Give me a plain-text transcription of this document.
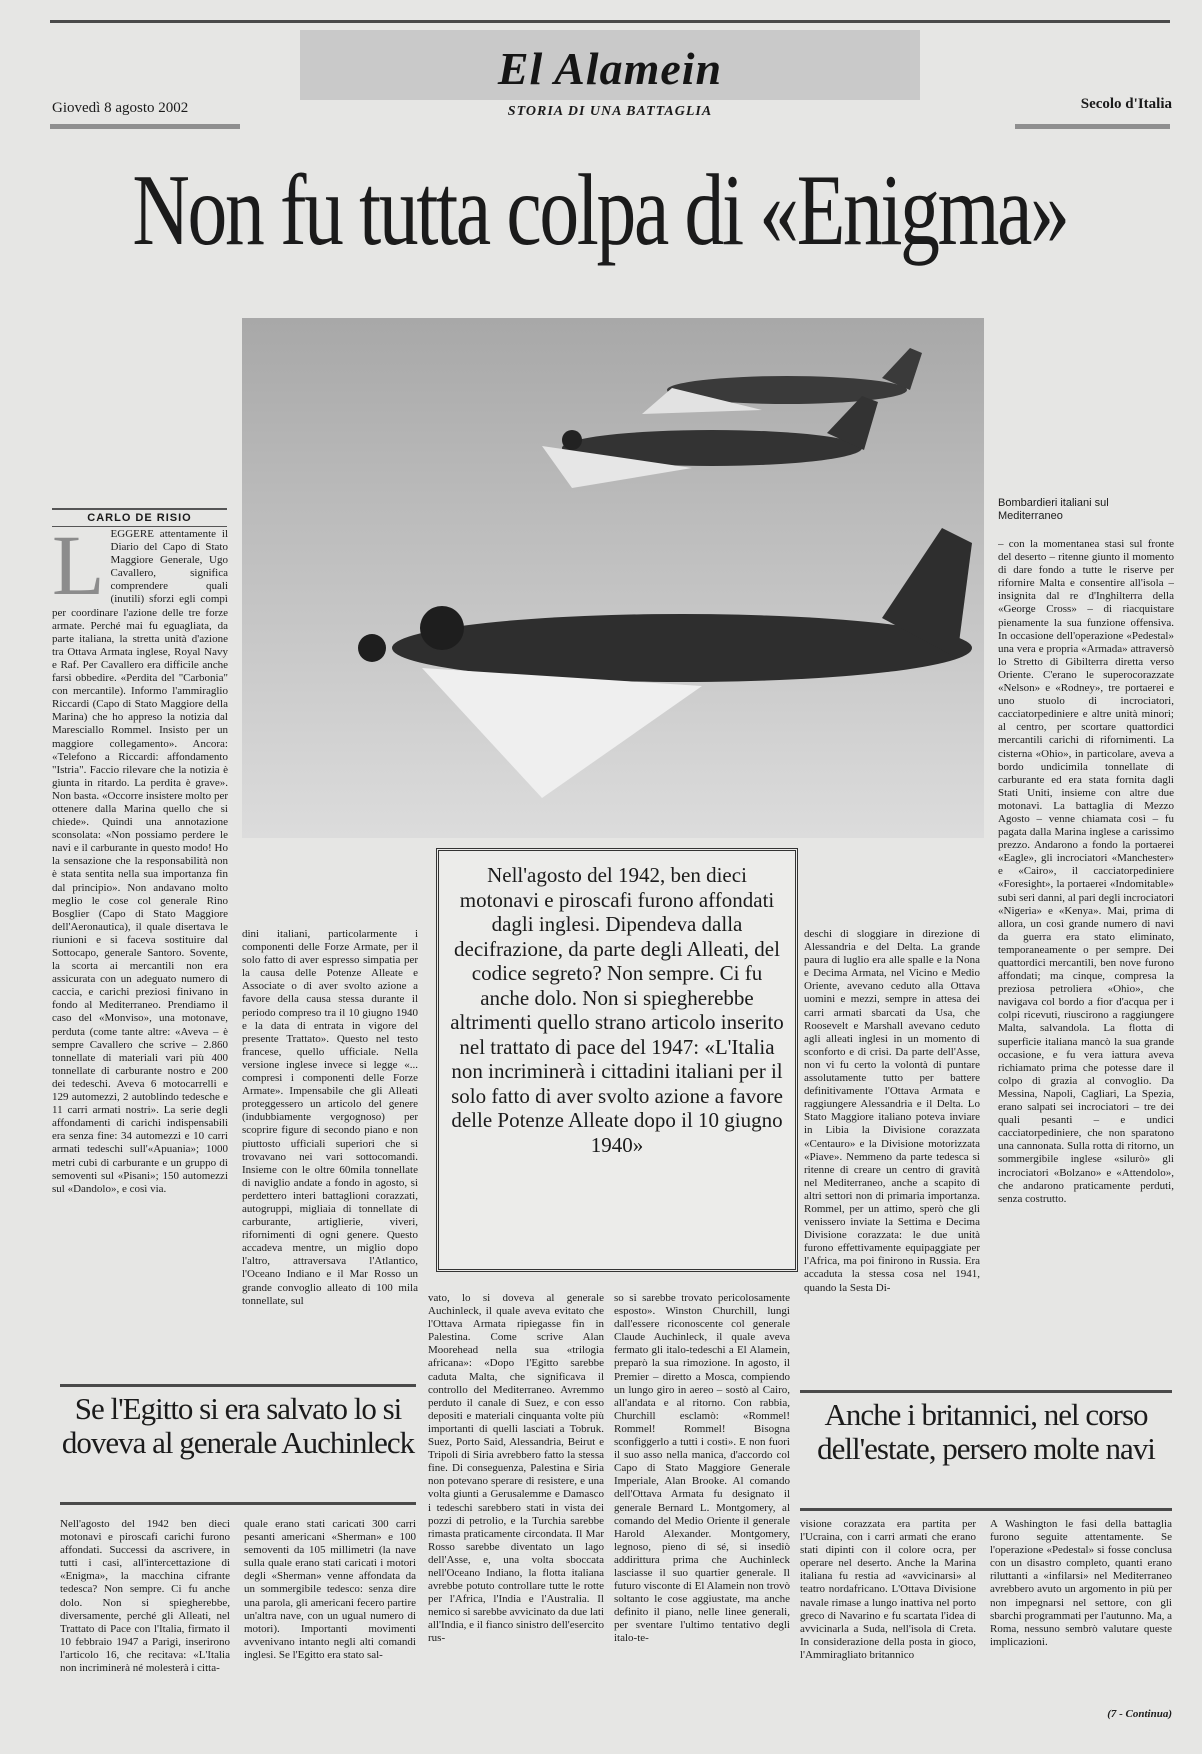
Giovedì 8 agosto 2002
El Alamein
STORIA DI UNA BATTAGLIA	Secolo d'Italia
Non fu tutta colpa di «Enigma»
CARLO DE RISIO
Bombardieri italiani sul Mediterraneo
L EGGERE attentamente il Diario del Capo di Stato Maggiore Generale, Ugo Cavallero, significa comprendere quali (inutili) sforzi egli compì per coordinare l'azione delle tre forze armate. Perché mai fu eguagliata, da parte italiana, la stretta unità d'azione tra Ottava Armata inglese, Royal Navy e Raf. Per Cavallero era difficile anche farsi obbedire. «Perdita del "Carbonia" con mercantile). Informo l'ammiraglio Riccardi (Capo di Stato Maggiore della Marina) che ho appreso la notizia dal Maresciallo Rommel. Insisto per un maggiore collegamento». Ancora: «Telefono a Riccardi: affondamento "Istria". Faccio rilevare che la notizia è giunta in ritardo. La perdita è grave». Non basta. «Occorre insistere molto per ottenere dalla Marina quello che si chiede». Quindi una annotazione sconsolata: «Non possiamo perdere le navi e il carburante in questo modo! Ho la sensazione che la responsabilità non è stata sentita nella sua importanza fin dal principio». Non andavano molto meglio le cose col generale Rino Bosglier (Capo di Stato Maggiore dell'Aeronautica), il quale disertava le riunioni e si faceva sostituire dal Sottocapo, generale Santoro. Sovente, la scorta ai mercantili non era assicurata con un adeguato numero di caccia, e carichi preziosi finivano in fondo al Mediterraneo. Prendiamo il caso del «Monviso», una motonave, perduta (come tante altre: «Aveva – è sempre Cavallero che scrive – 2.860 tonnellate di materiali vari più 400 tonnellate di carburante nostro e 200 dei tedeschi. Aveva 6 motocarrelli e 129 automezzi, 2 autoblindo tedesche e 11 carri armati nostri». La serie degli affondamenti di carichi indispensabili era senza fine: 34 automezzi e 10 carri armati tedeschi sull'«Apuania»; 1000 metri cubi di carburante e un gruppo di semoventi sul «Pisani»; 150 automezzi sul «Dandolo», e così via.
dini italiani, particolarmente i componenti delle Forze Armate, per il solo fatto di aver espresso simpatia per la causa delle Potenze Alleate e Associate o di aver svolto azione a favore della causa stessa durante il periodo compreso tra il 10 giugno 1940 e la data di entrata in vigore del presente Trattato». Questo nel testo francese, quello ufficiale. Nella versione inglese invece si legge «... compresi i componenti delle Forze Armate». Impensabile che gli Alleati proteggessero un articolo del genere (indubbiamente vergognoso) per scoprire figure di secondo piano e non piuttosto ufficiali superiori che si trovavano nei vari sottocomandi. Insieme con le oltre 60mila tonnellate di naviglio andate a fondo in agosto, si perdettero interi battaglioni corazzati, autogruppi, migliaia di tonnellate di carburante, artiglierie, viveri, rifornimenti di ogni genere. Questo accadeva mentre, un miglio dopo l'altro, attraversava l'Atlantico, l'Oceano Indiano e il Mar Rosso un grande convoglio alleato di 100 mila tonnellate, sul
Nell'agosto del 1942, ben dieci motonavi e piroscafi furono affondati dagli inglesi. Dipendeva dalla decifrazione, da parte degli Alleati, del codice segreto? Non sempre. Ci fu anche dolo. Non si spiegherebbe altrimenti quello strano articolo inserito nel trattato di pace del 1947: «L'Italia non incriminerà i cittadini italiani per il solo fatto di aver svolto azione a favore delle Potenze Alleate dopo il 10 giugno 1940»
deschi di sloggiare in direzione di Alessandria e del Delta. La grande paura di luglio era alle spalle e la Nona e Decima Armata, nel Vicino e Medio Oriente, avevano ceduto alla Ottava uomini e mezzi, sempre in attesa dei carri armati sbarcati da Usa, che Roosevelt e Marshall avevano ceduto agli alleati inglesi in un momento di sconforto e di crisi. Da parte dell'Asse, non vi fu certo la volontà di puntare assolutamente tutto per battere definitivamente l'Ottava Armata e raggiungere Alessandria e il Delta. Lo Stato Maggiore italiano poteva inviare in Libia la Divisione corazzata «Centauro» e la Divisione motorizzata «Piave». Nemmeno da parte tedesca si ritenne di creare un centro di gravità nel Mediterraneo, anche a scapito di altri settori non di primaria importanza. Rommel, per un attimo, sperò che gli venissero inviate la Settima e Decima Divisione corazzata: le due unità furono effettivamente equipaggiate per l'Africa, ma poi finirono in Russia. Era accaduta la stessa cosa nel 1941, quando la Sesta Di-
– con la momentanea stasi sul fronte del deserto – ritenne giunto il momento di dare fondo a tutte le riserve per rifornire Malta e consentire all'isola – insignita dal re d'Inghilterra della «George Cross» – di riacquistare pienamente la sua funzione offensiva. In occasione dell'operazione «Pedestal» una vera e propria «Armada» attraversò lo Stretto di Gibilterra diretta verso Oriente. C'erano le superocorazzate «Nelson» e «Rodney», tre portaerei e uno stuolo di incrociatori, cacciatorpediniere e altre unità minori; al centro, per scortare quattordici mercantili carichi di rifornimenti. La cisterna «Ohio», in particolare, aveva a bordo undicimila tonnellate di carburante ed era stata fornita dagli Stati Uniti, insieme con altre due motonavi. La battaglia di Mezzo Agosto – venne chiamata così – fu pagata dalla Marina inglese a carissimo prezzo. Andarono a fondo la portaerei «Eagle», gli incrociatori «Manchester» e «Cairo», il cacciatorpediniere «Foresight», la portaerei «Indomitable» subì seri danni, al pari degli incrociatori «Nigeria» e «Kenya». Mai, prima di allora, un così grande numero di navi da guerra era stato eliminato, temporaneamente o per sempre. Dei quattordici mercantili, ben nove furono affondati; ma cinque, compresa la preziosa petroliera «Ohio», che navigava col bordo a fior d'acqua per i colpi ricevuti, riuscirono a raggiungere Malta, salvandola. La flotta di superficie italiana mancò la sua grande occasione, e fu vera iattura aveva richiamato prima che potesse dare il colpo di grazia al convoglio. Da Messina, Napoli, Cagliari, La Spezia, erano salpati sei incrociatori – tre dei quali pesanti – e undici cacciatorpediniere, che non sparatono una cannonata. Sulla rotta di ritorno, un sommergibile inglese «silurò» gli incrociatori «Bolzano» e «Attendolo», che andarono praticamente perduti, senza costrutto.
vato, lo si doveva al generale Auchinleck, il quale aveva evitato che l'Ottava Armata ripiegasse fin in Palestina. Come scrive Alan Moorehead nella sua «trilogia africana»: «Dopo l'Egitto sarebbe caduta Malta, che significava il controllo del Mediterraneo. Avremmo perduto il canale di Suez, e con esso depositi e materiali cinquanta volte più importanti di quelli lasciati a Tobruk. Suez, Porto Said, Alessandria, Beirut e Tripoli di Siria avrebbero fatto la stessa fine. Di conseguenza, Palestina e Siria non potevano sperare di resistere, e una volta giunti a Gerusalemme e Damasco i tedeschi sarebbero stati in vista dei pozzi di petrolio, e la Turchia sarebbe rimasta praticamente circondata. Il Mar Rosso sarebbe diventato un lago dell'Asse, e, una volta sboccata nell'Oceano Indiano, la flotta italiana avrebbe potuto controllare tutte le rotte per l'Africa, l'India e l'Australia. Il nemico si sarebbe avvicinato da due lati all'India, e il fianco sinistro dell'esercito rus-
so si sarebbe trovato pericolosamente esposto». Winston Churchill, lungi dall'essere riconoscente col generale Claude Auchinleck, il quale aveva fermato gli italo-tedeschi a El Alamein, preparò la sua rimozione. In agosto, il Premier – diretto a Mosca, compiendo un lungo giro in aereo – sostò al Cairo, all'andata e al ritorno. Con rabbia, Churchill esclamò: «Rommel! Rommel! Rommel! Bisogna sconfiggerlo a tutti i costi». E non fuori il suo asso nella manica, d'accordo col Capo di Stato Maggiore Generale Imperiale, Alan Brooke. Al comando dell'Ottava Armata fu designato il generale Bernard L. Montgomery, al comando del Medio Oriente il generale Harold Alexander. Montgomery, legnoso, pieno di sé, si insediò addirittura prima che Auchinleck lasciasse il suo quartier generale. Il futuro visconte di El Alamein non trovò soltanto le cose aggiustate, ma anche definito il piano, nelle linee generali, per sventare l'ultimo tentativo degli italo-te-
Se l'Egitto si era salvato lo si doveva al generale Auchinleck
Anche i britannici, nel corso dell'estate, persero molte navi
Nell'agosto del 1942 ben dieci motonavi e piroscafi carichi furono affondati. Successi da ascrivere, in tutti i casi, all'intercettazione di «Enigma», la macchina cifrante tedesca? Non sempre. Ci fu anche dolo. Non si spiegherebbe, diversamente, perché gli Alleati, nel Trattato di Pace con l'Italia, firmato il 10 febbraio 1947 a Parigi, inserirono l'articolo 16, che recitava: «L'Italia non incriminerà né molesterà i citta-
quale erano stati caricati 300 carri pesanti americani «Sherman» e 100 semoventi da 105 millimetri (la nave sulla quale erano stati caricati i motori degli «Sherman» venne affondata da un sommergibile tedesco: senza dire una parola, gli americani fecero partire un'altra nave, con un ugual numero di motori). Importanti movimenti avvenivano intanto negli alti comandi inglesi. Se l'Egitto era stato sal-
visione corazzata era partita per l'Ucraina, con i carri armati che erano stati dipinti con il colore ocra, per operare nel deserto. Anche la Marina italiana fu restia ad «avvicinarsi» al teatro nordafricano. L'Ottava Divisione navale rimase a lungo inattiva nel porto greco di Navarino e fu scartata l'idea di avvicinarla a Suda, nell'isola di Creta. In considerazione della posta in gioco, l'Ammiragliato britannico
A Washington le fasi della battaglia furono seguite attentamente. Se l'operazione «Pedestal» si fosse conclusa con un disastro completo, quanti erano riluttanti a «infilarsi» nel Mediterraneo avrebbero avuto un argomento in più per non impegnarsi nel settore, con gli sbarchi programmati per l'autunno. Ma, a Roma, nessuno sembrò valutare queste implicazioni.
(7 - Continua)
